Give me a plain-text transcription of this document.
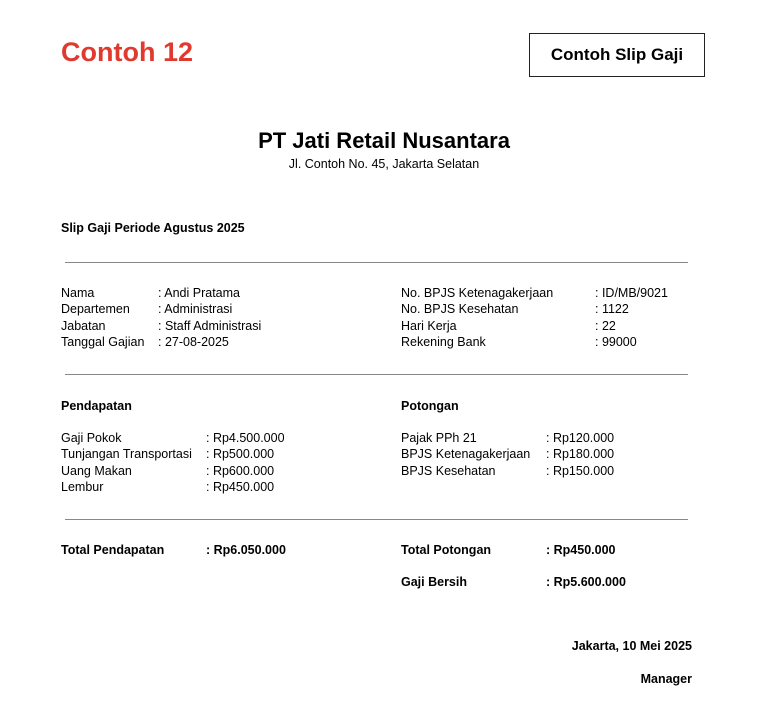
Contoh 12	Contoh Slip Gaji
PT Jati Retail Nusantara
Jl. Contoh No. 45, Jakarta Selatan
Slip Gaji Periode Agustus 2025
Nama	: Andi Pratama
Departemen : Administrasi
Jabatan	: Staff Administrasi
Tanggal Gajian : 27-08-2025
No. BPJS Ketenagakerjaan	: ID/MB/9021
No. BPJS Kesehatan	: 1122
Hari Kerja	: 22
Rekening Bank	: 99000
Pendapatan
Gaji Pokok	: Rp4.500.000
Tunjangan Transportasi : Rp500.000
Uang Makan	: Rp600.000
Lembur	: Rp450.000
Potongan
Pajak PPh 21	: Rp120.000
BPJS Ketenagakerjaan : Rp180.000
BPJS Kesehatan	: Rp150.000
Total Pendapatan	: Rp6.050.000	Total Potongan	: Rp450.000
Gaji Bersih	: Rp5.600.000
Jakarta, 10 Mei 2025
Manager
